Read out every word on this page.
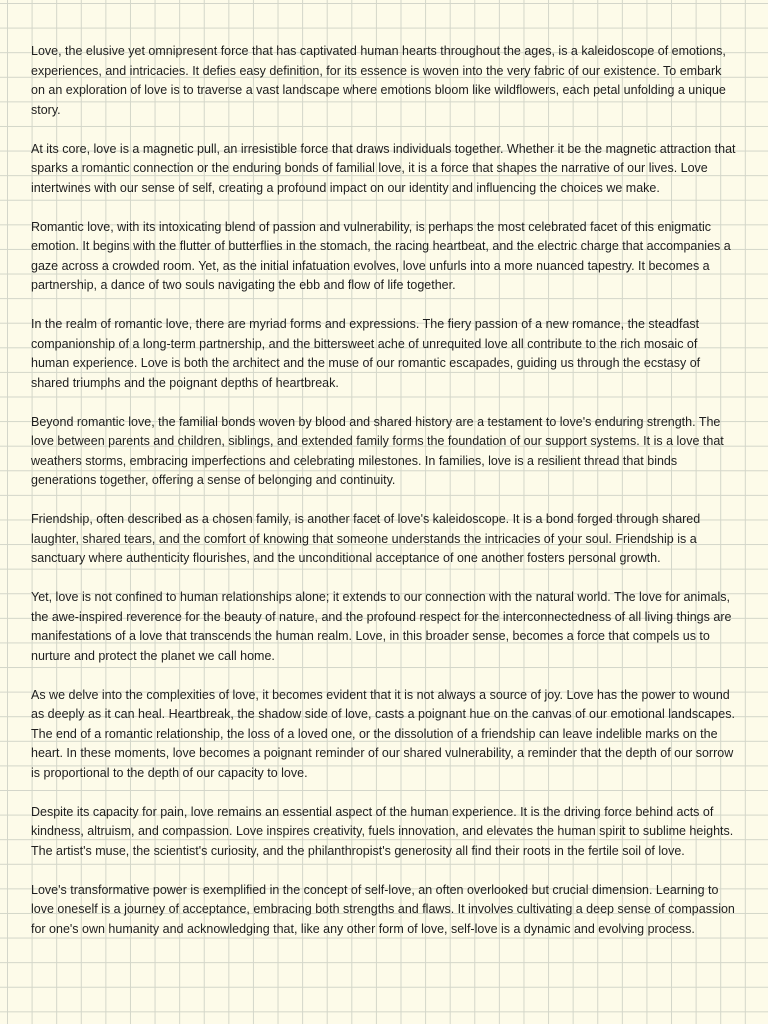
Love, the elusive yet omnipresent force that has captivated human hearts throughout the ages, is a kaleidoscope of emotions, experiences, and intricacies. It defies easy definition, for its essence is woven into the very fabric of our existence. To embark on an exploration of love is to traverse a vast landscape where emotions bloom like wildflowers, each petal unfolding a unique story.

At its core, love is a magnetic pull, an irresistible force that draws individuals together. Whether it be the magnetic attraction that sparks a romantic connection or the enduring bonds of familial love, it is a force that shapes the narrative of our lives. Love intertwines with our sense of self, creating a profound impact on our identity and influencing the choices we make.

Romantic love, with its intoxicating blend of passion and vulnerability, is perhaps the most celebrated facet of this enigmatic emotion. It begins with the flutter of butterflies in the stomach, the racing heartbeat, and the electric charge that accompanies a gaze across a crowded room. Yet, as the initial infatuation evolves, love unfurls into a more nuanced tapestry. It becomes a partnership, a dance of two souls navigating the ebb and flow of life together.

In the realm of romantic love, there are myriad forms and expressions. The fiery passion of a new romance, the steadfast companionship of a long-term partnership, and the bittersweet ache of unrequited love all contribute to the rich mosaic of human experience. Love is both the architect and the muse of our romantic escapades, guiding us through the ecstasy of shared triumphs and the poignant depths of heartbreak.

Beyond romantic love, the familial bonds woven by blood and shared history are a testament to love's enduring strength. The love between parents and children, siblings, and extended family forms the foundation of our support systems. It is a love that weathers storms, embracing imperfections and celebrating milestones. In families, love is a resilient thread that binds generations together, offering a sense of belonging and continuity.

Friendship, often described as a chosen family, is another facet of love's kaleidoscope. It is a bond forged through shared laughter, shared tears, and the comfort of knowing that someone understands the intricacies of your soul. Friendship is a sanctuary where authenticity flourishes, and the unconditional acceptance of one another fosters personal growth.

Yet, love is not confined to human relationships alone; it extends to our connection with the natural world. The love for animals, the awe-inspired reverence for the beauty of nature, and the profound respect for the interconnectedness of all living things are manifestations of a love that transcends the human realm. Love, in this broader sense, becomes a force that compels us to nurture and protect the planet we call home.

As we delve into the complexities of love, it becomes evident that it is not always a source of joy. Love has the power to wound as deeply as it can heal. Heartbreak, the shadow side of love, casts a poignant hue on the canvas of our emotional landscapes. The end of a romantic relationship, the loss of a loved one, or the dissolution of a friendship can leave indelible marks on the heart. In these moments, love becomes a poignant reminder of our shared vulnerability, a reminder that the depth of our sorrow is proportional to the depth of our capacity to love.

Despite its capacity for pain, love remains an essential aspect of the human experience. It is the driving force behind acts of kindness, altruism, and compassion. Love inspires creativity, fuels innovation, and elevates the human spirit to sublime heights. The artist's muse, the scientist's curiosity, and the philanthropist's generosity all find their roots in the fertile soil of love.

Love's transformative power is exemplified in the concept of self-love, an often overlooked but crucial dimension. Learning to love oneself is a journey of acceptance, embracing both strengths and flaws. It involves cultivating a deep sense of compassion for one's own humanity and acknowledging that, like any other form of love, self-love is a dynamic and evolving process.
